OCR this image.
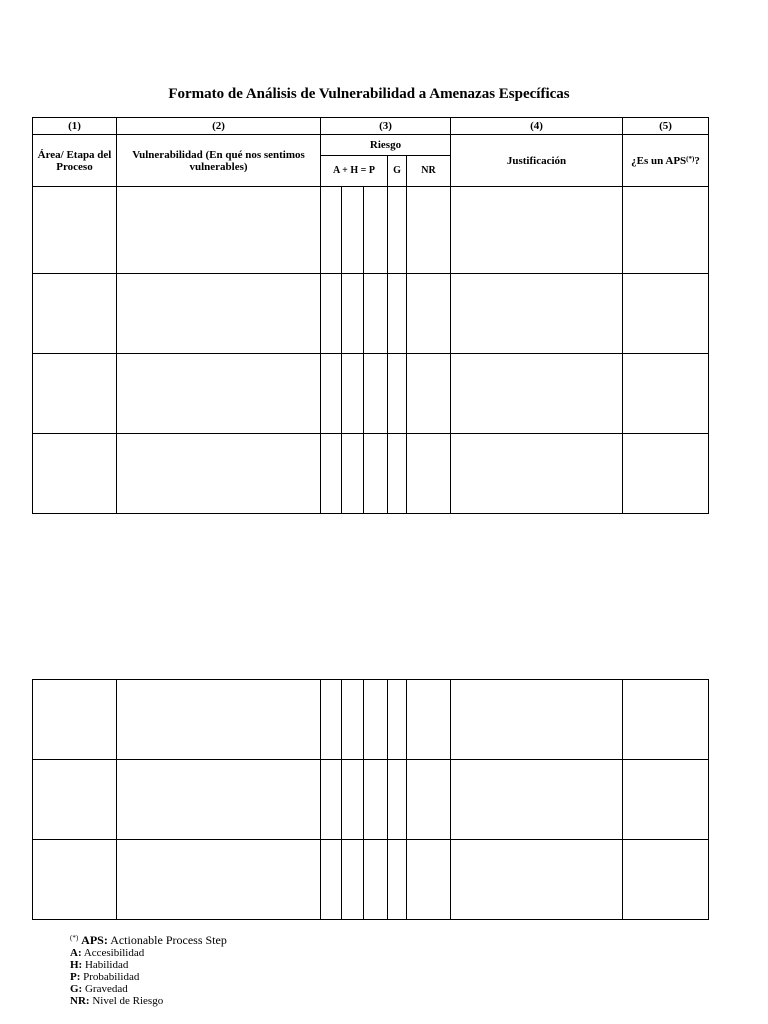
Formato de Análisis de Vulnerabilidad a Amenazas Específicas
(1)	(2)	(3)					(4)	(5)
Área/ Etapa del Proceso	Vulnerabilidad (En qué nos sentimos vulnerables)	Riesgo					Justificación	¿Es un APS(*)?
		A + H = P			G	NR		

(*) APS: Actionable Process Step
A: Accesibilidad
H: Habilidad
P: Probabilidad
G: Gravedad
NR: Nivel de Riesgo
